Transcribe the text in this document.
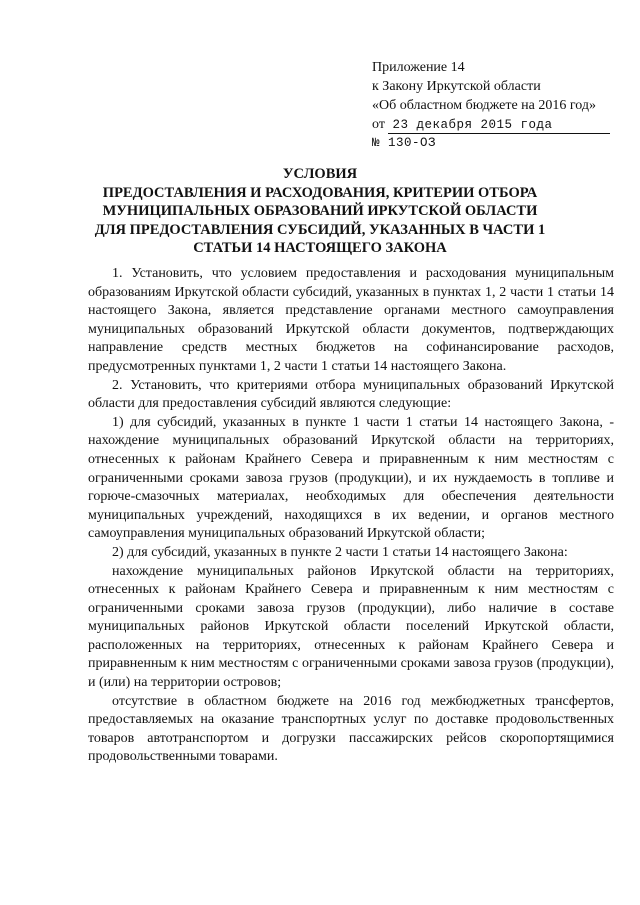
Приложение 14
к Закону Иркутской области
«Об областном бюджете на 2016 год»
от 23 декабря 2015 года
№ 130-ОЗ
УСЛОВИЯ
ПРЕДОСТАВЛЕНИЯ И РАСХОДОВАНИЯ, КРИТЕРИИ ОТБОРА
МУНИЦИПАЛЬНЫХ ОБРАЗОВАНИЙ ИРКУТСКОЙ ОБЛАСТИ
ДЛЯ ПРЕДОСТАВЛЕНИЯ СУБСИДИЙ, УКАЗАННЫХ В ЧАСТИ 1
СТАТЬИ 14 НАСТОЯЩЕГО ЗАКОНА

1. Установить, что условием предоставления и расходования муниципальным образованиям Иркутской области субсидий, указанных в пунктах 1, 2 части 1 статьи 14 настоящего Закона, является представление органами местного самоуправления муниципальных образований Иркутской области документов, подтверждающих направление средств местных бюджетов на софинансирование расходов, предусмотренных пунктами 1, 2 части 1 статьи 14 настоящего Закона.

2. Установить, что критериями отбора муниципальных образований Иркутской области для предоставления субсидий являются следующие:

1) для субсидий, указанных в пункте 1 части 1 статьи 14 настоящего Закона, - нахождение муниципальных образований Иркутской области на территориях, отнесенных к районам Крайнего Севера и приравненным к ним местностям с ограниченными сроками завоза грузов (продукции), и их нуждаемость в топливе и горюче-смазочных материалах, необходимых для обеспечения деятельности муниципальных учреждений, находящихся в их ведении, и органов местного самоуправления муниципальных образований Иркутской области;

2) для субсидий, указанных в пункте 2 части 1 статьи 14 настоящего Закона:

нахождение муниципальных районов Иркутской области на территориях, отнесенных к районам Крайнего Севера и приравненным к ним местностям с ограниченными сроками завоза грузов (продукции), либо наличие в составе муниципальных районов Иркутской области поселений Иркутской области, расположенных на территориях, отнесенных к районам Крайнего Севера и приравненным к ним местностям с ограниченными сроками завоза грузов (продукции), и (или) на территории островов;

отсутствие в областном бюджете на 2016 год межбюджетных трансфертов, предоставляемых на оказание транспортных услуг по доставке продовольственных товаров автотранспортом и догрузки пассажирских рейсов скоропортящимися продовольственными товарами.
